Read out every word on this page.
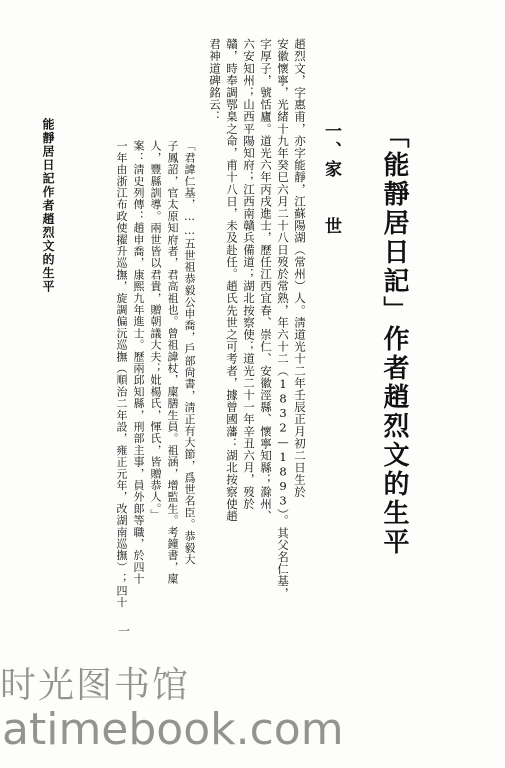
「能靜居日記」作者趙烈文的生平
一、家　　世
趙烈文，字惠甫，亦字能靜，江蘇陽湖（常州）人。淸道光十二年壬辰正月初二日生於
安徽懷寧，光緒十九年癸巳六月二十八日歿於常熟，年六十二（1832—1893）。其父名仁基，
字厚子，號恬廬。道光六年丙戌進士，歷任江西宜春、崇仁、安徽涇縣、懷寧知縣；滁州、
六安知州；山西平陽知府；江西南贛兵備道；湖北按察使；道光二十一年辛丑六月，歿於
贛，時奉調鄂臬之命，甫十八日，未及赴任。趙氏先世之可考者，據曾國藩：湖北按察使趙
君神道碑銘云：
「君諱仁基，……五世祖恭毅公申喬，戶部尙書，淸正有大節，爲世名臣。恭毅大
子鳳詔，官太原知府者，君高祖也。曾祖諱杖，廩膳生員。祖涵，增監生。考鐘書，廩
人，豐縣訓導。兩世皆以君貴，贈朝議大夫；妣楊氏，惲氏，皆贈恭人。」
案：淸史列傳：趙申喬，康熙九年進士。歷兩邱知縣，刑部主事，員外郞等職，於四十
一年由浙江布政使擢升巡撫，旋調偏沅巡撫（順治二年設，雍正元年，改湖南巡撫）；四十
能靜居日記作者趙烈文的生平
一
时光图书馆
atimebook.com
